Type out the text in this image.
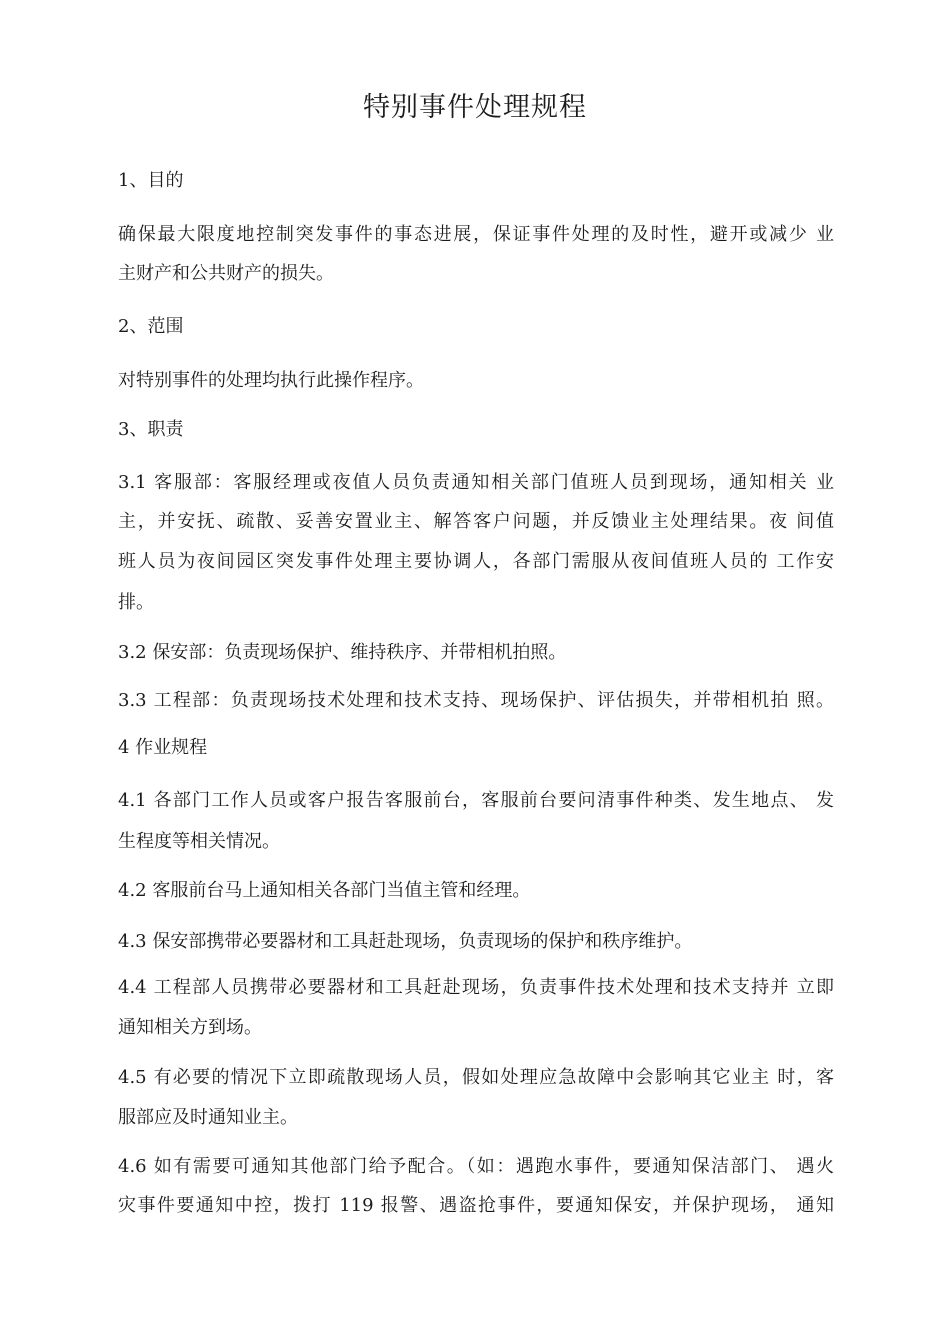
特别事件处理规程

1、目的

确保最大限度地控制突发事件的事态进展，保证事件处理的及时性，避开或减少 业

主财产和公共财产的损失。

2、范围

对特别事件的处理均执行此操作程序。

3、职责

3.1 客服部：客服经理或夜值人员负责通知相关部门值班人员到现场，通知相关 业

主，并安抚、疏散、妥善安置业主、解答客户问题，并反馈业主处理结果。夜 间值

班人员为夜间园区突发事件处理主要协调人，各部门需服从夜间值班人员的 工作安

排。

3.2 保安部：负责现场保护、维持秩序、并带相机拍照。

3.3 工程部：负责现场技术处理和技术支持、现场保护、评估损失，并带相机拍 照。

4 作业规程

4.1 各部门工作人员或客户报告客服前台，客服前台要问清事件种类、发生地点、 发

生程度等相关情况。

4.2 客服前台马上通知相关各部门当值主管和经理。

4.3 保安部携带必要器材和工具赶赴现场，负责现场的保护和秩序维护。

4.4 工程部人员携带必要器材和工具赶赴现场，负责事件技术处理和技术支持并 立即

通知相关方到场。

4.5 有必要的情况下立即疏散现场人员，假如处理应急故障中会影响其它业主 时，客

服部应及时通知业主。

4.6 如有需要可通知其他部门给予配合。（如：遇跑水事件，要通知保洁部门、 遇火

灾事件要通知中控，拨打 119 报警、遇盗抢事件，要通知保安，并保护现场， 通知
